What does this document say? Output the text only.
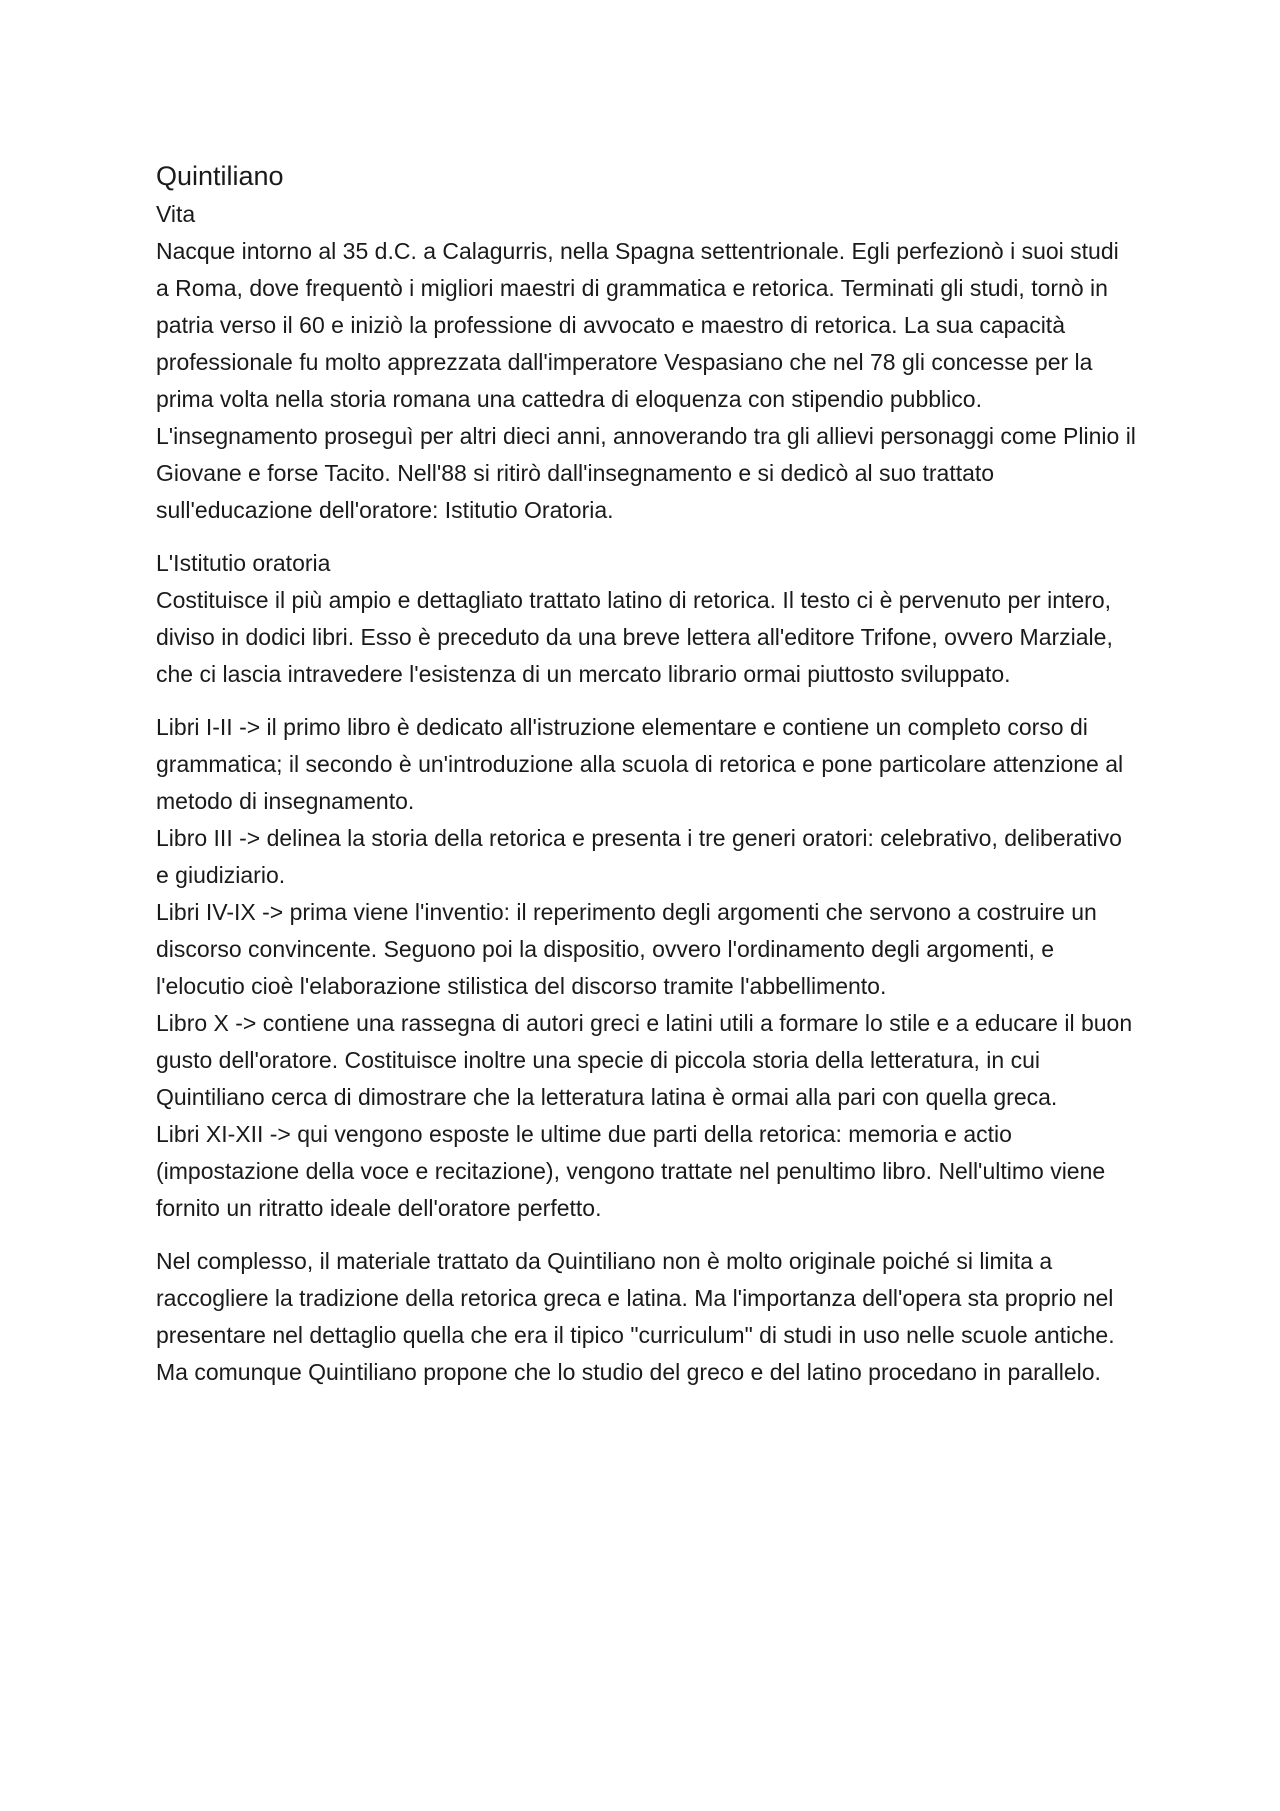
Quintiliano
Vita

Nacque intorno al 35 d.C. a Calagurris, nella Spagna settentrionale. Egli perfezionò i suoi studi a Roma, dove frequentò i migliori maestri di grammatica e retorica. Terminati gli studi, tornò in patria verso il 60 e iniziò la professione di avvocato e maestro di retorica. La sua capacità professionale fu molto apprezzata dall'imperatore Vespasiano che nel 78 gli concesse per la prima volta nella storia romana una cattedra di eloquenza con stipendio pubblico. L'insegnamento proseguì per altri dieci anni, annoverando tra gli allievi personaggi come Plinio il Giovane e forse Tacito. Nell'88 si ritirò dall'insegnamento e si dedicò al suo trattato sull'educazione dell'oratore: Istitutio Oratoria.

L'Istitutio oratoria

Costituisce il più ampio e dettagliato trattato latino di retorica. Il testo ci è pervenuto per intero, diviso in dodici libri. Esso è preceduto da una breve lettera all'editore Trifone, ovvero Marziale, che ci lascia intravedere l'esistenza di un mercato librario ormai piuttosto sviluppato.

Libri I-II -> il primo libro è dedicato all'istruzione elementare e contiene un completo corso di grammatica; il secondo è un'introduzione alla scuola di retorica e pone particolare attenzione al metodo di insegnamento.

Libro III -> delinea la storia della retorica e presenta i tre generi oratori: celebrativo, deliberativo e giudiziario.

Libri IV-IX -> prima viene l'inventio: il reperimento degli argomenti che servono a costruire un discorso convincente. Seguono poi la dispositio, ovvero l'ordinamento degli argomenti, e l'elocutio cioè l'elaborazione stilistica del discorso tramite l'abbellimento.

Libro X -> contiene una rassegna di autori greci e latini utili a formare lo stile e a educare il buon gusto dell'oratore. Costituisce inoltre una specie di piccola storia della letteratura, in cui Quintiliano cerca di dimostrare che la letteratura latina è ormai alla pari con quella greca.

Libri XI-XII -> qui vengono esposte le ultime due parti della retorica: memoria e actio (impostazione della voce e recitazione), vengono trattate nel penultimo libro. Nell'ultimo viene fornito un ritratto ideale dell'oratore perfetto.

Nel complesso, il materiale trattato da Quintiliano non è molto originale poiché si limita a raccogliere la tradizione della retorica greca e latina. Ma l'importanza dell'opera sta proprio nel presentare nel dettaglio quella che era il tipico "curriculum" di studi in uso nelle scuole antiche. Ma comunque Quintiliano propone che lo studio del greco e del latino procedano in parallelo.
